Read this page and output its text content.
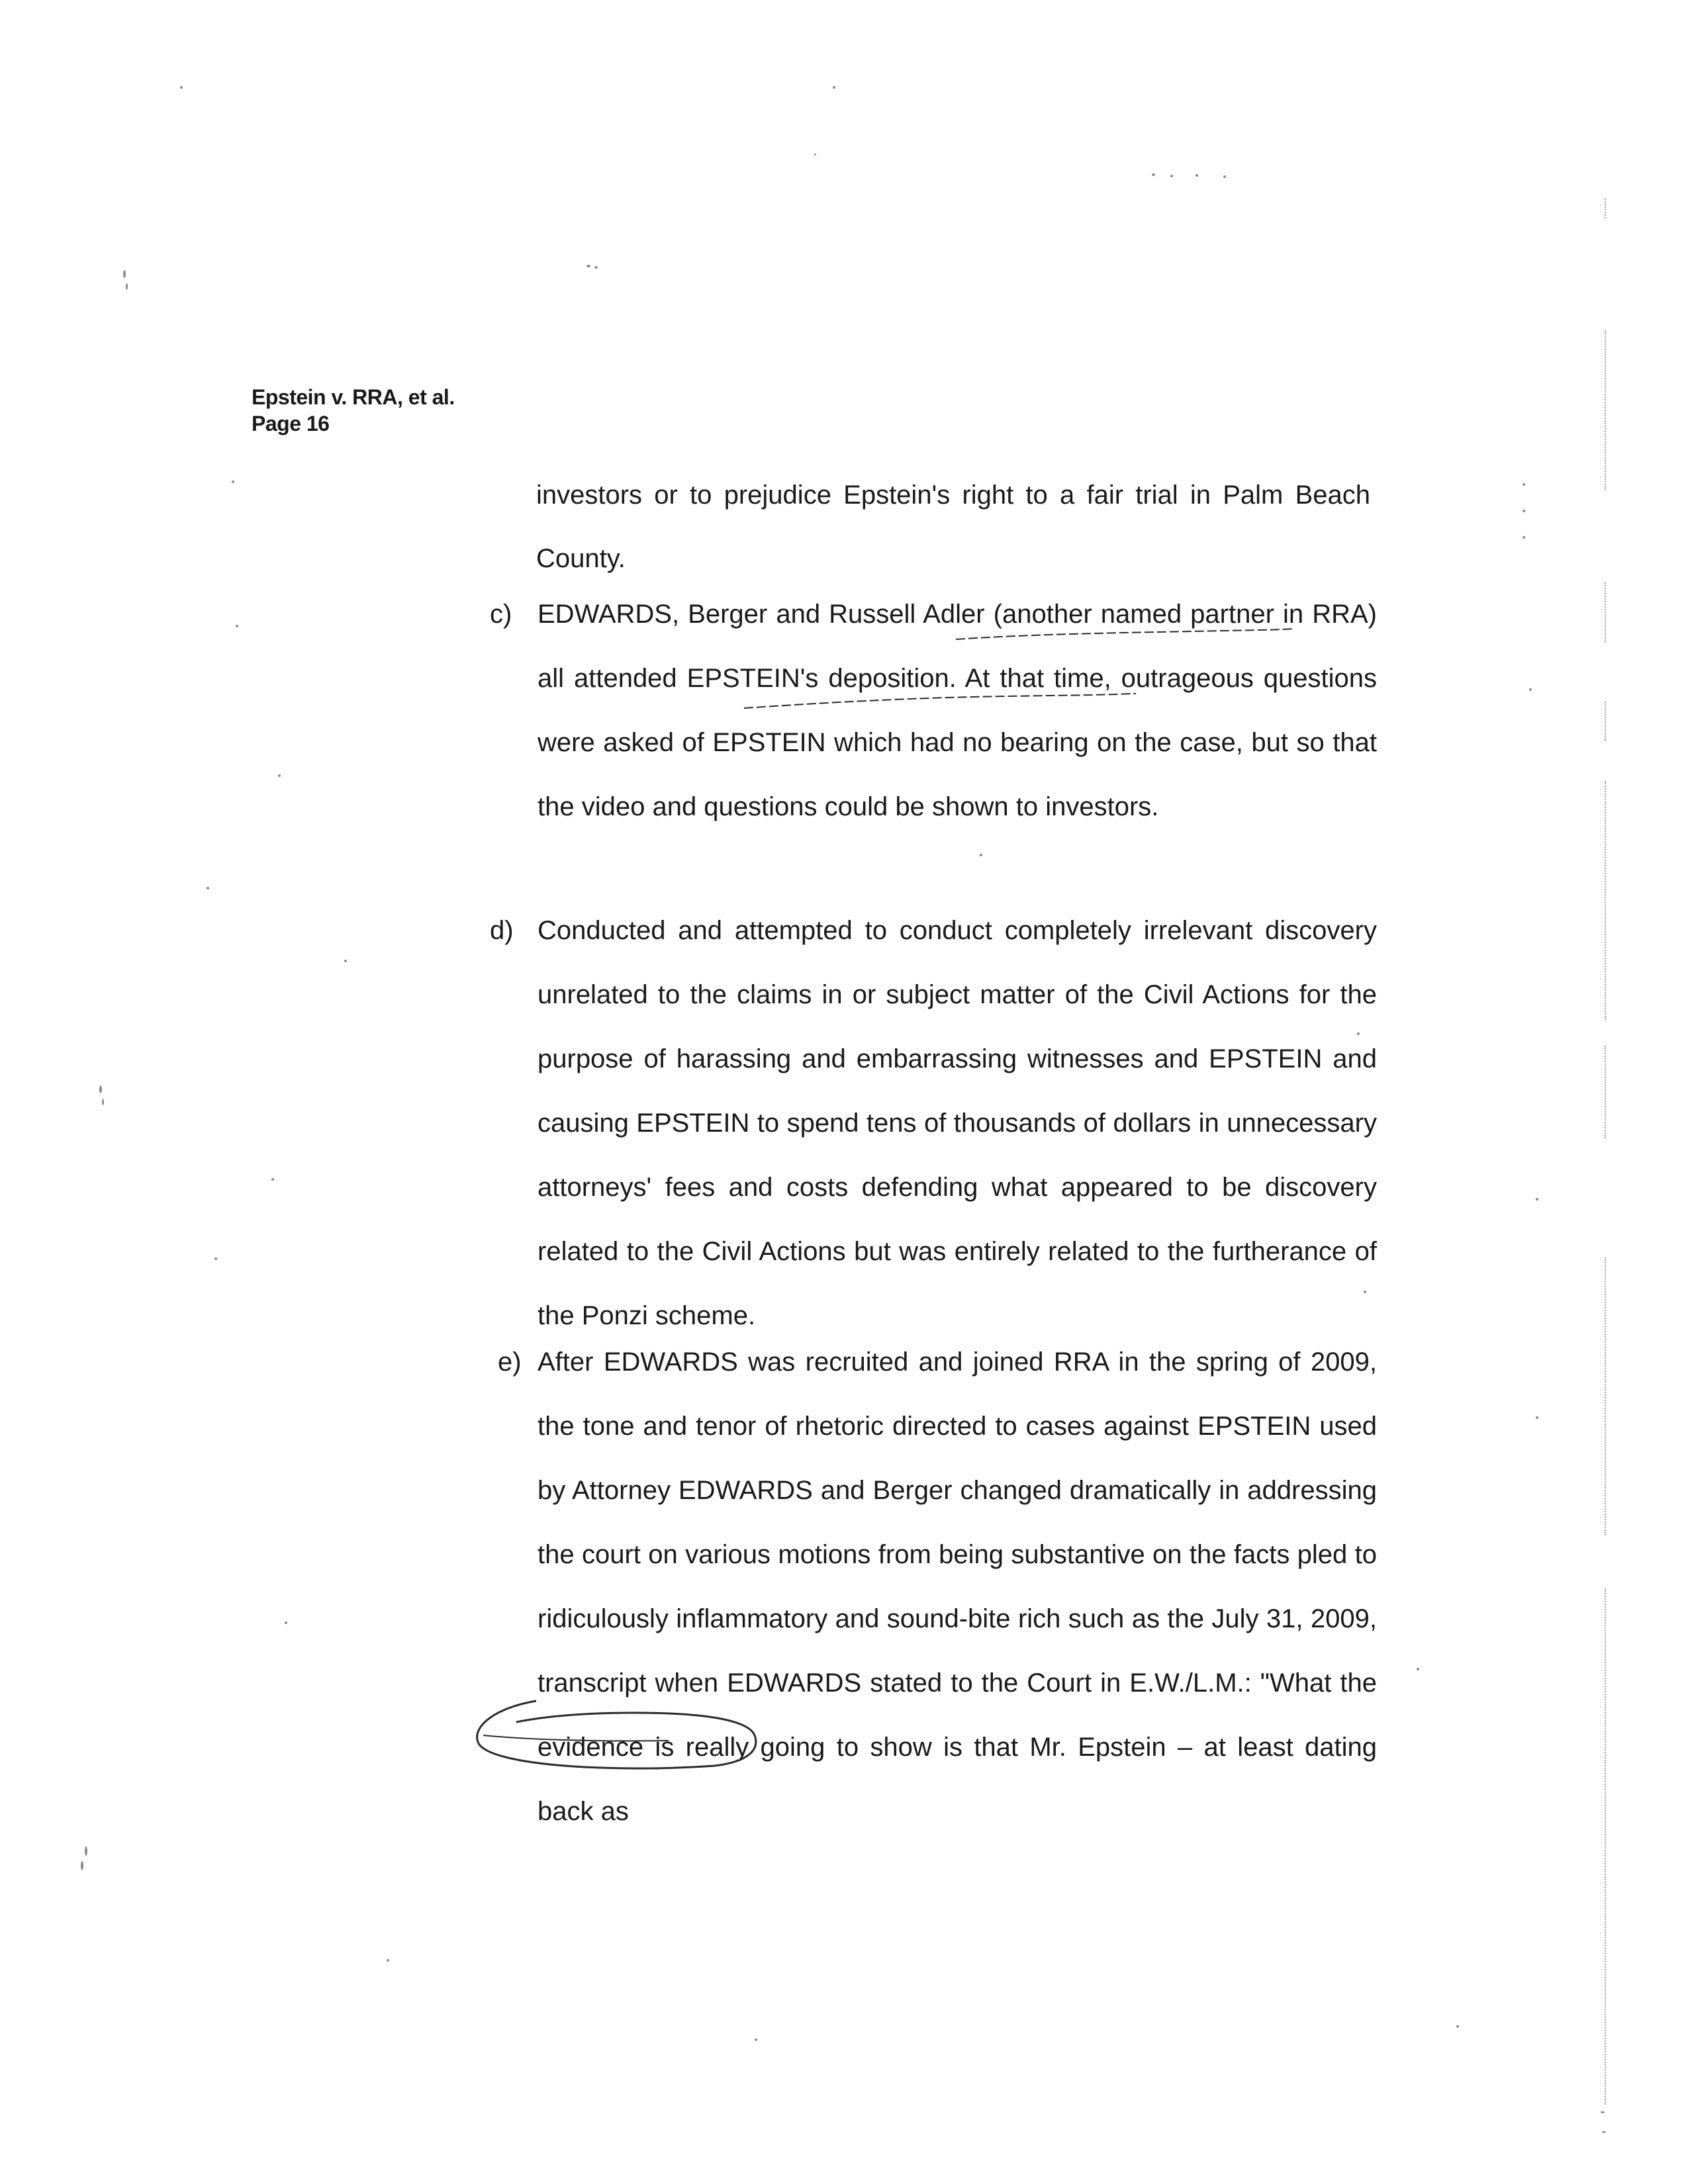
Epstein v. RRA, et al.
Page 16
investors or to prejudice Epstein's right to a fair trial in Palm Beach County.
c) EDWARDS, Berger and Russell Adler (another named partner in RRA) all attended EPSTEIN's deposition. At that time, outrageous questions were asked of EPSTEIN which had no bearing on the case, but so that the video and questions could be shown to investors.
d) Conducted and attempted to conduct completely irrelevant discovery unrelated to the claims in or subject matter of the Civil Actions for the purpose of harassing and embarrassing witnesses and EPSTEIN and causing EPSTEIN to spend tens of thousands of dollars in unnecessary attorneys' fees and costs defending what appeared to be discovery related to the Civil Actions but was entirely related to the furtherance of the Ponzi scheme.
e) After EDWARDS was recruited and joined RRA in the spring of 2009, the tone and tenor of rhetoric directed to cases against EPSTEIN used by Attorney EDWARDS and Berger changed dramatically in addressing the court on various motions from being substantive on the facts pled to ridiculously inflammatory and sound-bite rich such as the July 31, 2009, transcript when EDWARDS stated to the Court in E.W./L.M.: "What the evidence is really going to show is that Mr. Epstein – at least dating back as
